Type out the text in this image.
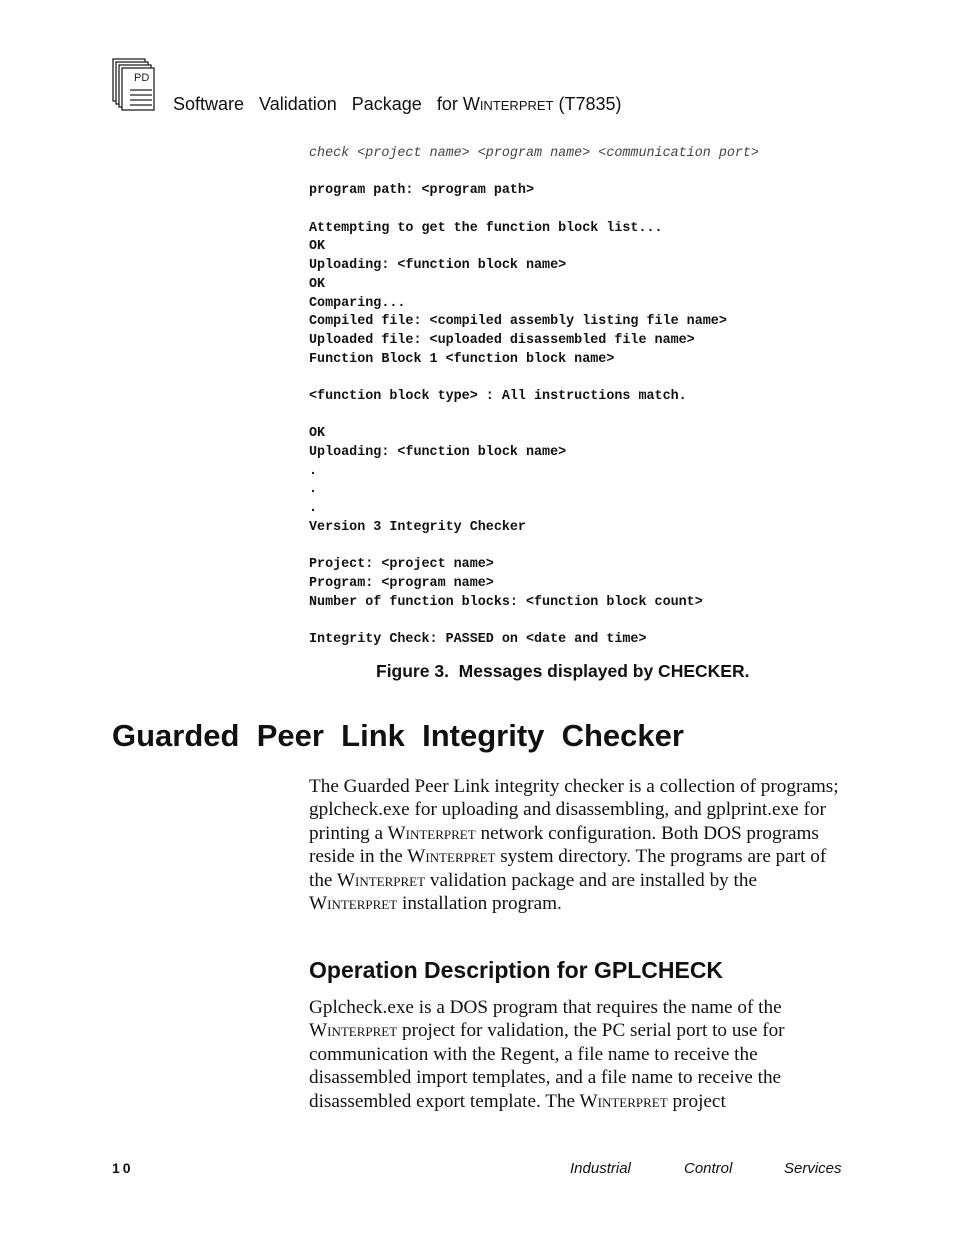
PD
Software   Validation   Package   for Winterpret (T7835)
check <project name> <program name> <communication port>
program path: <program path>
Attempting to get the function block list...
OK
Uploading: <function block name>
OK
Comparing...
Compiled file: <compiled assembly listing file name>
Uploaded file: <uploaded disassembled file name>
Function Block 1 <function block name>
<function block type> : All instructions match.
OK
Uploading: <function block name>
.
.
.
Version 3 Integrity Checker
Project: <project name>
Program: <program name>
Number of function blocks: <function block count>
Integrity Check: PASSED on <date and time>
Figure 3.  Messages displayed by CHECKER.
Guarded  Peer  Link  Integrity  Checker

The Guarded Peer Link integrity checker is a collection of programs; gplcheck.exe for uploading and disassembling, and gplprint.exe for printing a Winterpret network configuration. Both DOS programs reside in the Winterpret system directory. The programs are part of the Winterpret validation package and are installed by the Winterpret installation program.

Operation Description for GPLCHECK

Gplcheck.exe is a DOS program that requires the name of the Winterpret project for validation, the PC serial port to use for communication with the Regent, a file name to receive the disassembled import templates, and a file name to receive the disassembled export template. The Winterpret project

10	Industrial	Control	Services
